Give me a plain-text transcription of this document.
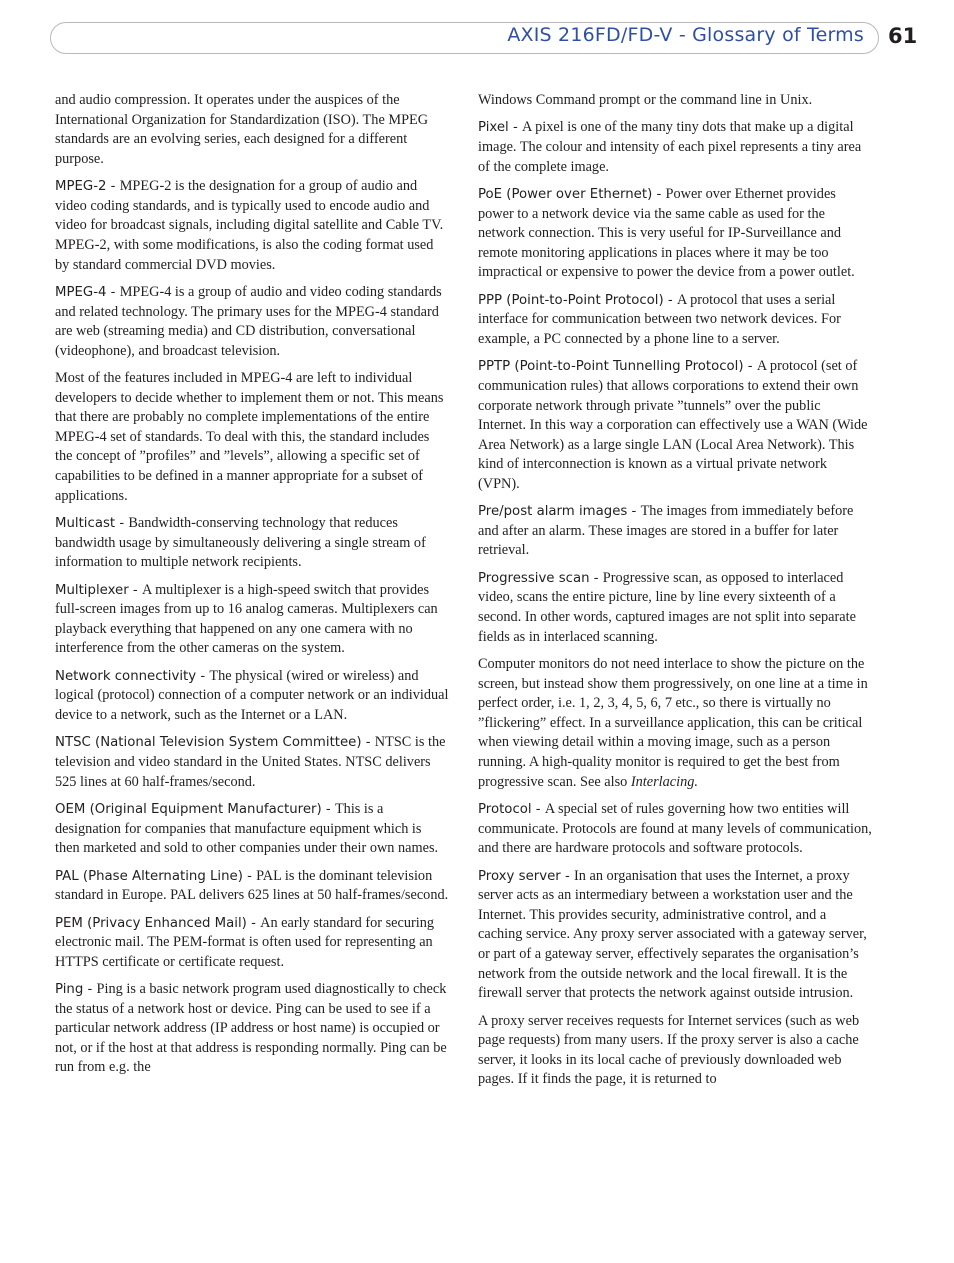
AXIS 216FD/FD-V - Glossary of Terms 61

and audio compression. It operates under the auspices of the International Organization for Standardization (ISO). The MPEG standards are an evolving series, each designed for a different purpose.

MPEG-2 - MPEG-2 is the designation for a group of audio and video coding standards, and is typically used to encode audio and video for broadcast signals, including digital satellite and Cable TV. MPEG-2, with some modifications, is also the coding format used by standard commercial DVD movies.

MPEG-4 - MPEG-4 is a group of audio and video coding standards and related technology. The primary uses for the MPEG-4 standard are web (streaming media) and CD distribution, conversational (videophone), and broadcast television.

Most of the features included in MPEG-4 are left to individual developers to decide whether to implement them or not. This means that there are probably no complete implementations of the entire MPEG-4 set of standards. To deal with this, the standard includes the concept of ”profiles” and ”levels”, allowing a specific set of capabilities to be defined in a manner appropriate for a subset of applications.

Multicast - Bandwidth-conserving technology that reduces bandwidth usage by simultaneously delivering a single stream of information to multiple network recipients.

Multiplexer - A multiplexer is a high-speed switch that provides full-screen images from up to 16 analog cameras. Multiplexers can playback everything that happened on any one camera with no interference from the other cameras on the system.

Network connectivity - The physical (wired or wireless) and logical (protocol) connection of a computer network or an individual device to a network, such as the Internet or a LAN.

NTSC (National Television System Committee) - NTSC is the television and video standard in the United States. NTSC delivers 525 lines at 60 half-frames/second.

OEM (Original Equipment Manufacturer) - This is a designation for companies that manufacture equipment which is then marketed and sold to other companies under their own names.

PAL (Phase Alternating Line) - PAL is the dominant television standard in Europe. PAL delivers 625 lines at 50 half-frames/second.

PEM (Privacy Enhanced Mail) - An early standard for securing electronic mail. The PEM-format is often used for representing an HTTPS certificate or certificate request.

Ping - Ping is a basic network program used diagnostically to check the status of a network host or device. Ping can be used to see if a particular network address (IP address or host name) is occupied or not, or if the host at that address is responding normally. Ping can be run from e.g. the

Windows Command prompt or the command line in Unix.

Pixel - A pixel is one of the many tiny dots that make up a digital image. The colour and intensity of each pixel represents a tiny area of the complete image.

PoE (Power over Ethernet) - Power over Ethernet provides power to a network device via the same cable as used for the network connection. This is very useful for IP-Surveillance and remote monitoring applications in places where it may be too impractical or expensive to power the device from a power outlet.

PPP (Point-to-Point Protocol) - A protocol that uses a serial interface for communication between two network devices. For example, a PC connected by a phone line to a server.

PPTP (Point-to-Point Tunnelling Protocol) - A protocol (set of communication rules) that allows corporations to extend their own corporate network through private ”tunnels” over the public Internet. In this way a corporation can effectively use a WAN (Wide Area Network) as a large single LAN (Local Area Network). This kind of interconnection is known as a virtual private network (VPN).

Pre/post alarm images - The images from immediately before and after an alarm. These images are stored in a buffer for later retrieval.

Progressive scan - Progressive scan, as opposed to interlaced video, scans the entire picture, line by line every sixteenth of a second. In other words, captured images are not split into separate fields as in interlaced scanning.

Computer monitors do not need interlace to show the picture on the screen, but instead show them progressively, on one line at a time in perfect order, i.e. 1, 2, 3, 4, 5, 6, 7 etc., so there is virtually no ”flickering” effect. In a surveillance application, this can be critical when viewing detail within a moving image, such as a person running. A high-quality monitor is required to get the best from progressive scan. See also Interlacing.

Protocol - A special set of rules governing how two entities will communicate. Protocols are found at many levels of communication, and there are hardware protocols and software protocols.

Proxy server - In an organisation that uses the Internet, a proxy server acts as an intermediary between a workstation user and the Internet. This provides security, administrative control, and a caching service. Any proxy server associated with a gateway server, or part of a gateway server, effectively separates the organisation’s network from the outside network and the local firewall. It is the firewall server that protects the network against outside intrusion.

A proxy server receives requests for Internet services (such as web page requests) from many users. If the proxy server is also a cache server, it looks in its local cache of previously downloaded web pages. If it finds the page, it is returned to
